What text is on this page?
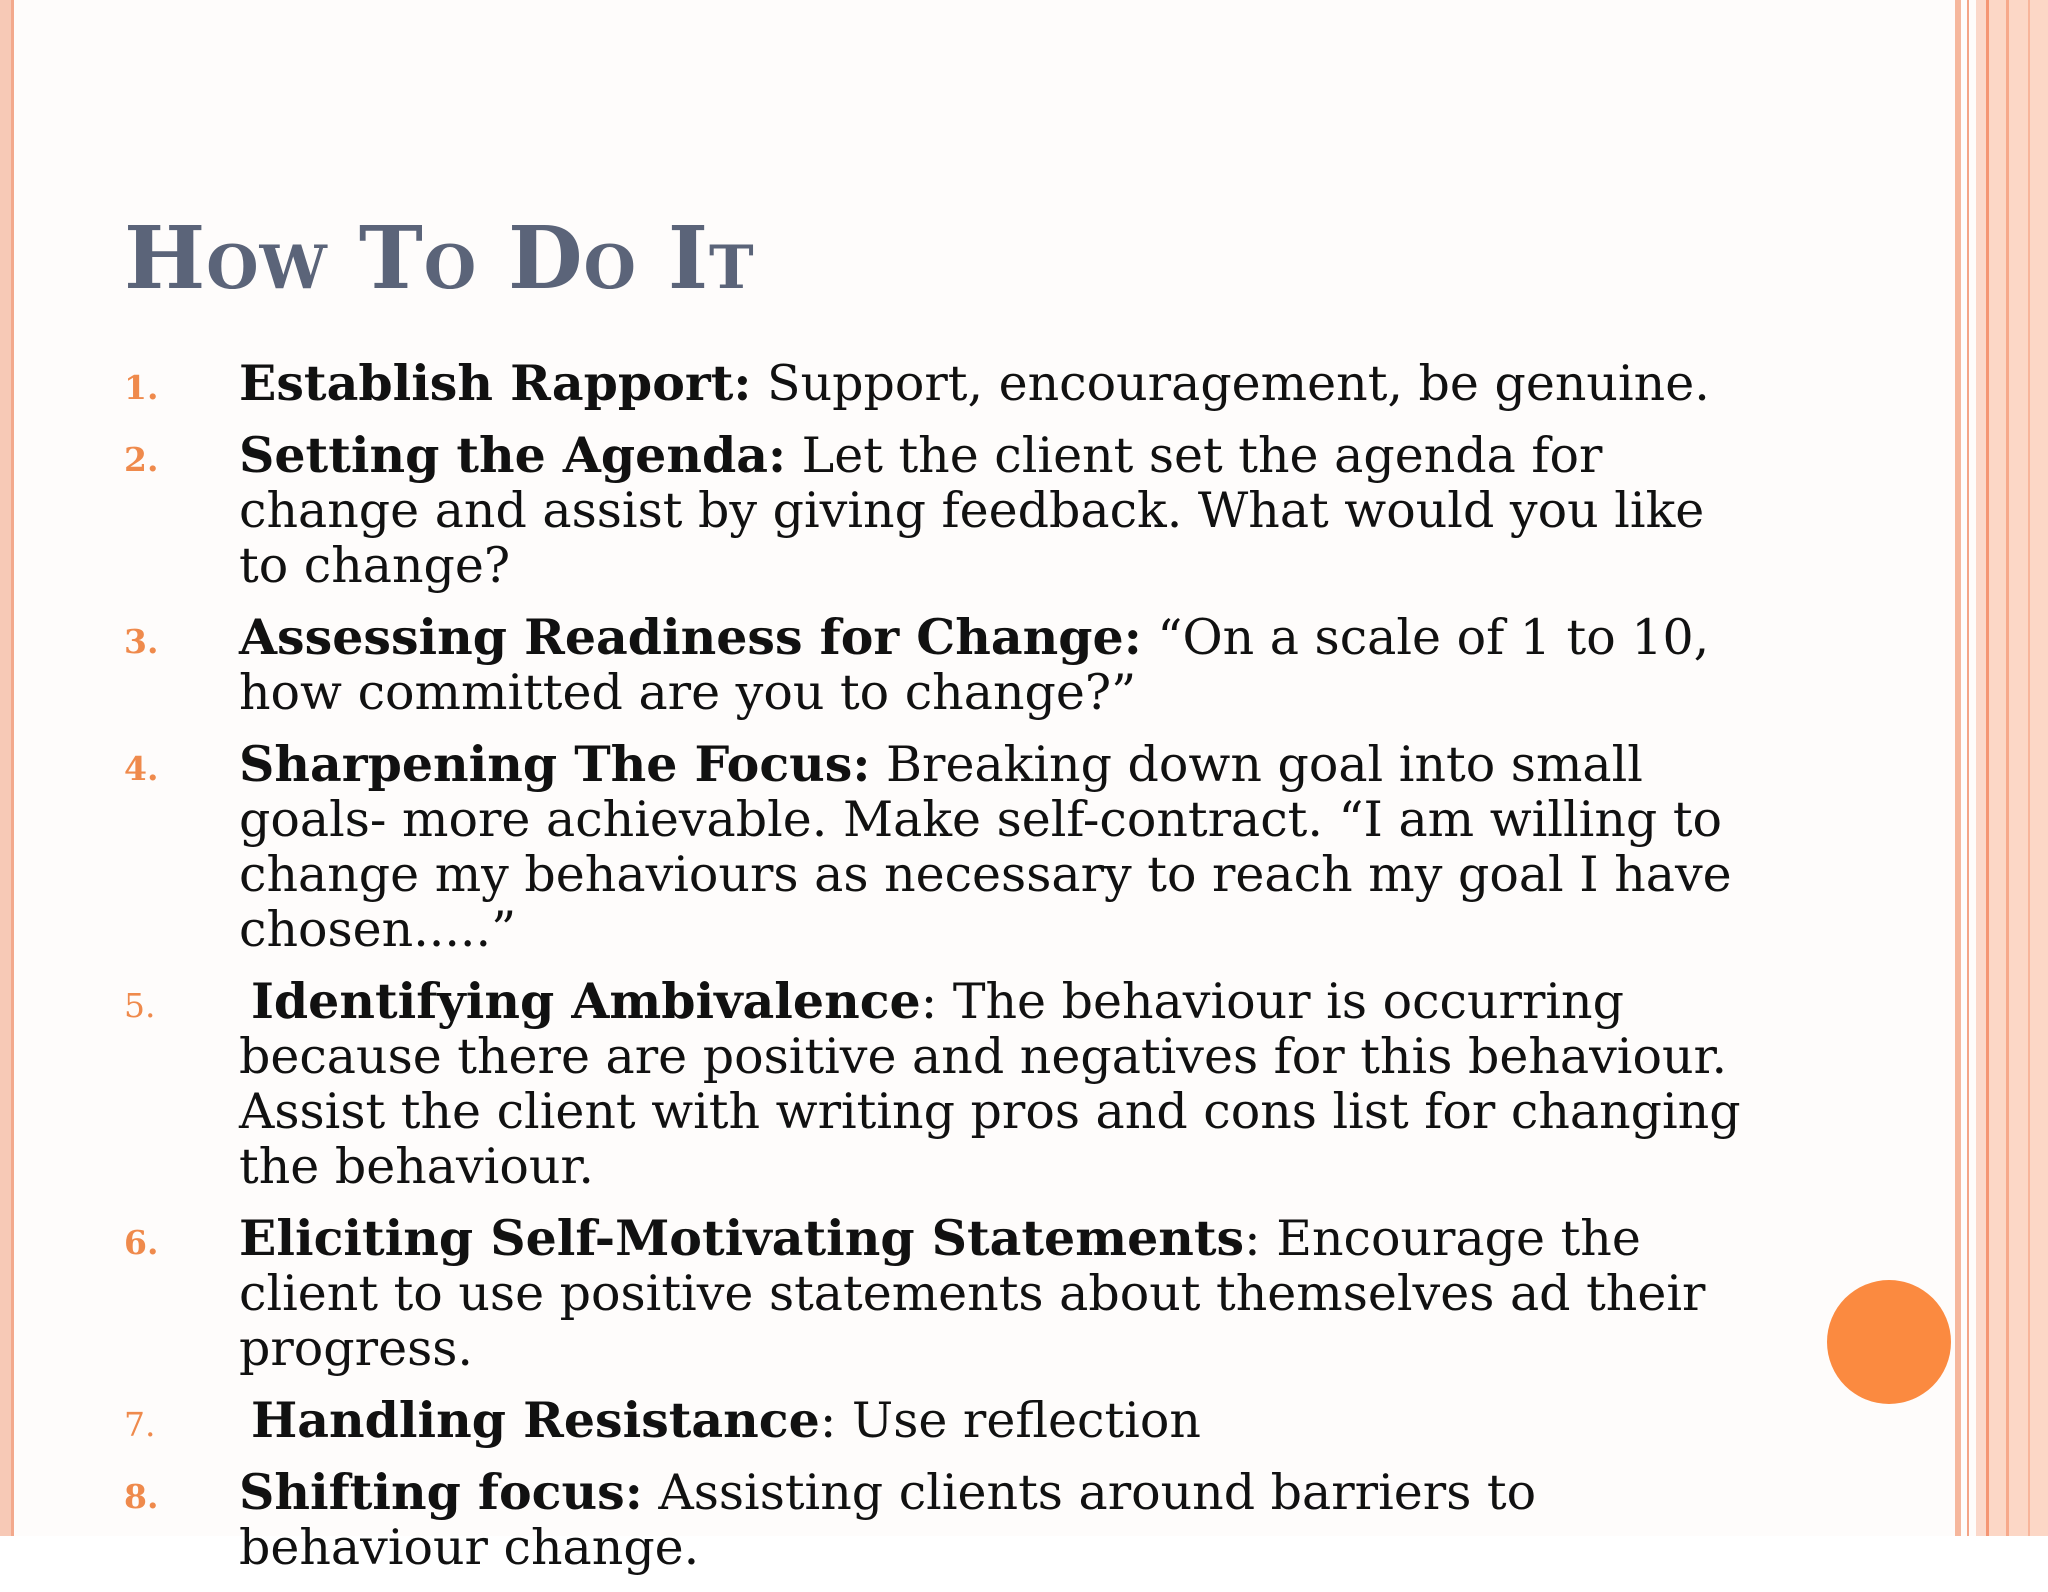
How To Do It
1. Establish Rapport: Support, encouragement, be genuine.
2. Setting the Agenda: Let the client set the agenda for change and assist by giving feedback. What would you like to change?
3. Assessing Readiness for Change: “On a scale of 1 to 10, how committed are you to change?”
4. Sharpening The Focus: Breaking down goal into small goals- more achievable. Make self-contract. “I am willing to change my behaviours as necessary to reach my goal I have chosen.....”
5. Identifying Ambivalence: The behaviour is occurring because there are positive and negatives for this behaviour. Assist the client with writing pros and cons list for changing the behaviour.
6. Eliciting Self-Motivating Statements: Encourage the client to use positive statements about themselves ad their progress.
7. Handling Resistance: Use reflection
8. Shifting focus: Assisting clients around barriers to behaviour change.
